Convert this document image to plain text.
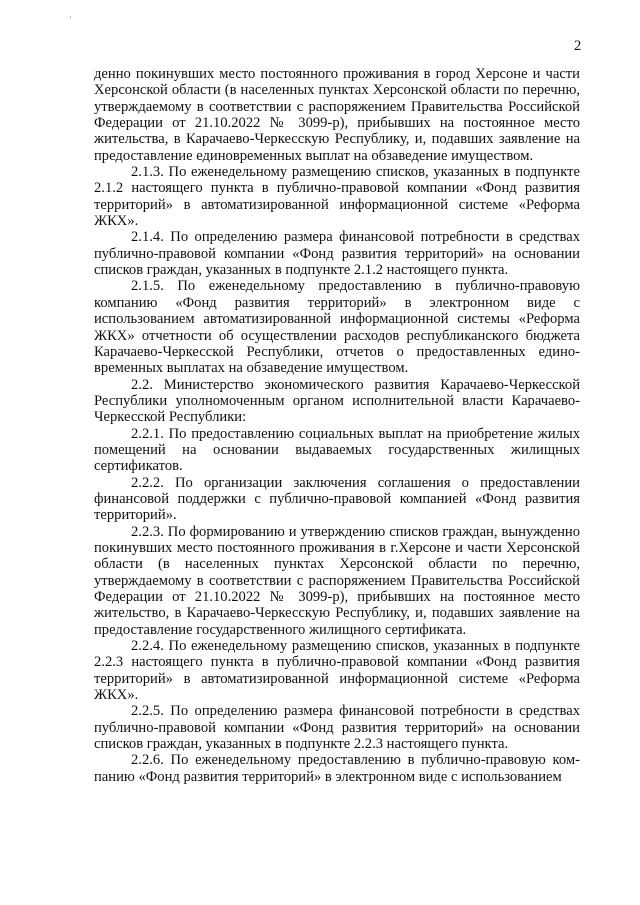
2

денно покинувших место постоянного проживания в город Херсоне и части Херсонской области (в населенных пунктах Херсонской области по перечню, утверждаемому в соответствии с распоряжением Правительства Российской Федерации от 21.10.2022 № 3099-р), прибывших на постоянное место жительства, в Карачаево-Черкесскую Республику, и, подавших заявление на предоставление единовременных выплат на обзаведение имуществом.

2.1.3. По еженедельному размещению списков, указанных в подпункте 2.1.2 настоящего пункта в публично-правовой компании «Фонд развития территорий» в автоматизированной информационной системе «Реформа ЖКХ».

2.1.4. По определению размера финансовой потребности в средствах публично-правовой компании «Фонд развития территорий» на основании списков граждан, указанных в подпункте 2.1.2 настоящего пункта.

2.1.5. По еженедельному предоставлению в публично-правовую компанию «Фонд развития территорий» в электронном виде с использованием автоматизированной информационной системы «Реформа ЖКХ» отчетности об осуществлении расходов республиканского бюджета Карачаево-Черкесской Республики, отчетов о предоставленных единовременных выплатах на обзаведение имуществом.

2.2. Министерство экономического развития Карачаево-Черкесской Республики уполномоченным органом исполнительной власти Карачаево-Черкесской Республики:

2.2.1. По предоставлению социальных выплат на приобретение жилых помещений на основании выдаваемых государственных жилищных сертификатов.

2.2.2. По организации заключения соглашения о предоставлении финансовой поддержки с публично-правовой компанией «Фонд развития территорий».

2.2.3. По формированию и утверждению списков граждан, вынужденно покинувших место постоянного проживания в г.Херсоне и части Херсонской области (в населенных пунктах Херсонской области по перечню, утверждаемому в соответствии с распоряжением Правительства Российской Федерации от 21.10.2022 № 3099-р), прибывших на постоянное место жительство, в Карачаево-Черкесскую Республику, и, подавших заявление на предоставление государственного жилищного сертификата.

2.2.4. По еженедельному размещению списков, указанных в подпункте 2.2.3 настоящего пункта в публично-правовой компании «Фонд развития территорий» в автоматизированной информационной системе «Реформа ЖКХ».

2.2.5. По определению размера финансовой потребности в средствах публично-правовой компании «Фонд развития территорий» на основании списков граждан, указанных в подпункте 2.2.3 настоящего пункта.

2.2.6. По еженедельному предоставлению в публично-правовую компанию «Фонд развития территорий» в электронном виде с использованием
